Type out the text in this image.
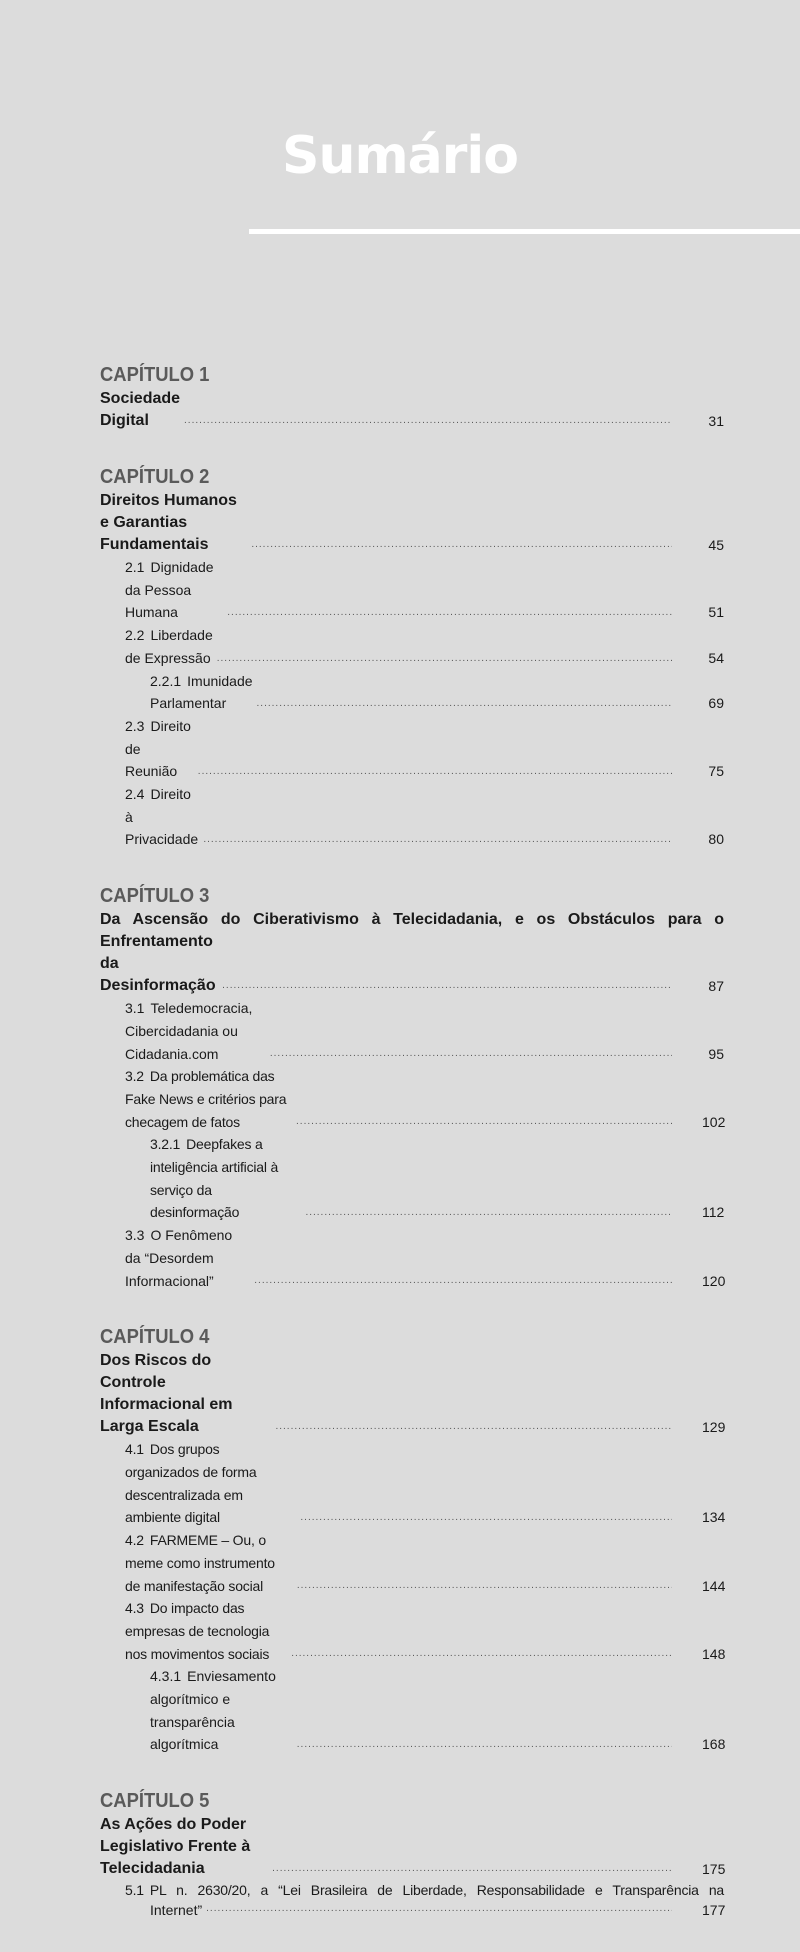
Sumário
CAPÍTULO 1
Sociedade Digital .....	31
CAPÍTULO 2
Direitos Humanos e Garantias Fundamentais .....	45
2.1 Dignidade da Pessoa Humana .....	51
2.2 Liberdade de Expressão .....	54
2.2.1 Imunidade Parlamentar .....	69
2.3 Direito de Reunião .....	75
2.4 Direito à Privacidade .....	80
CAPÍTULO 3
Da Ascensão do Ciberativismo à Telecidadania, e os Obstáculos para o
Enfrentamento da Desinformação .....	87
3.1 Teledemocracia, Cibercidadania ou Cidadania.com .....	95
3.2 Da problemática das Fake News e critérios para checagem de fatos .....	102
3.2.1 Deepfakes a inteligência artificial à serviço da desinformação .....	112
3.3 O Fenômeno da “Desordem Informacional” .....	120
CAPÍTULO 4
Dos Riscos do Controle Informacional em Larga Escala .....	129
4.1 Dos grupos organizados de forma descentralizada em ambiente digital .....	134
4.2 FARMEME – Ou, o meme como instrumento de manifestação social .....	144
4.3 Do impacto das empresas de tecnologia nos movimentos sociais .....	148
4.3.1 Enviesamento algorítmico e transparência algorítmica .....	168
CAPÍTULO 5
As Ações do Poder Legislativo Frente à Telecidadania .....	175
5.1 PL n. 2630/20, a “Lei Brasileira de Liberdade, Responsabilidade e Transparência na
Internet” .....	177
